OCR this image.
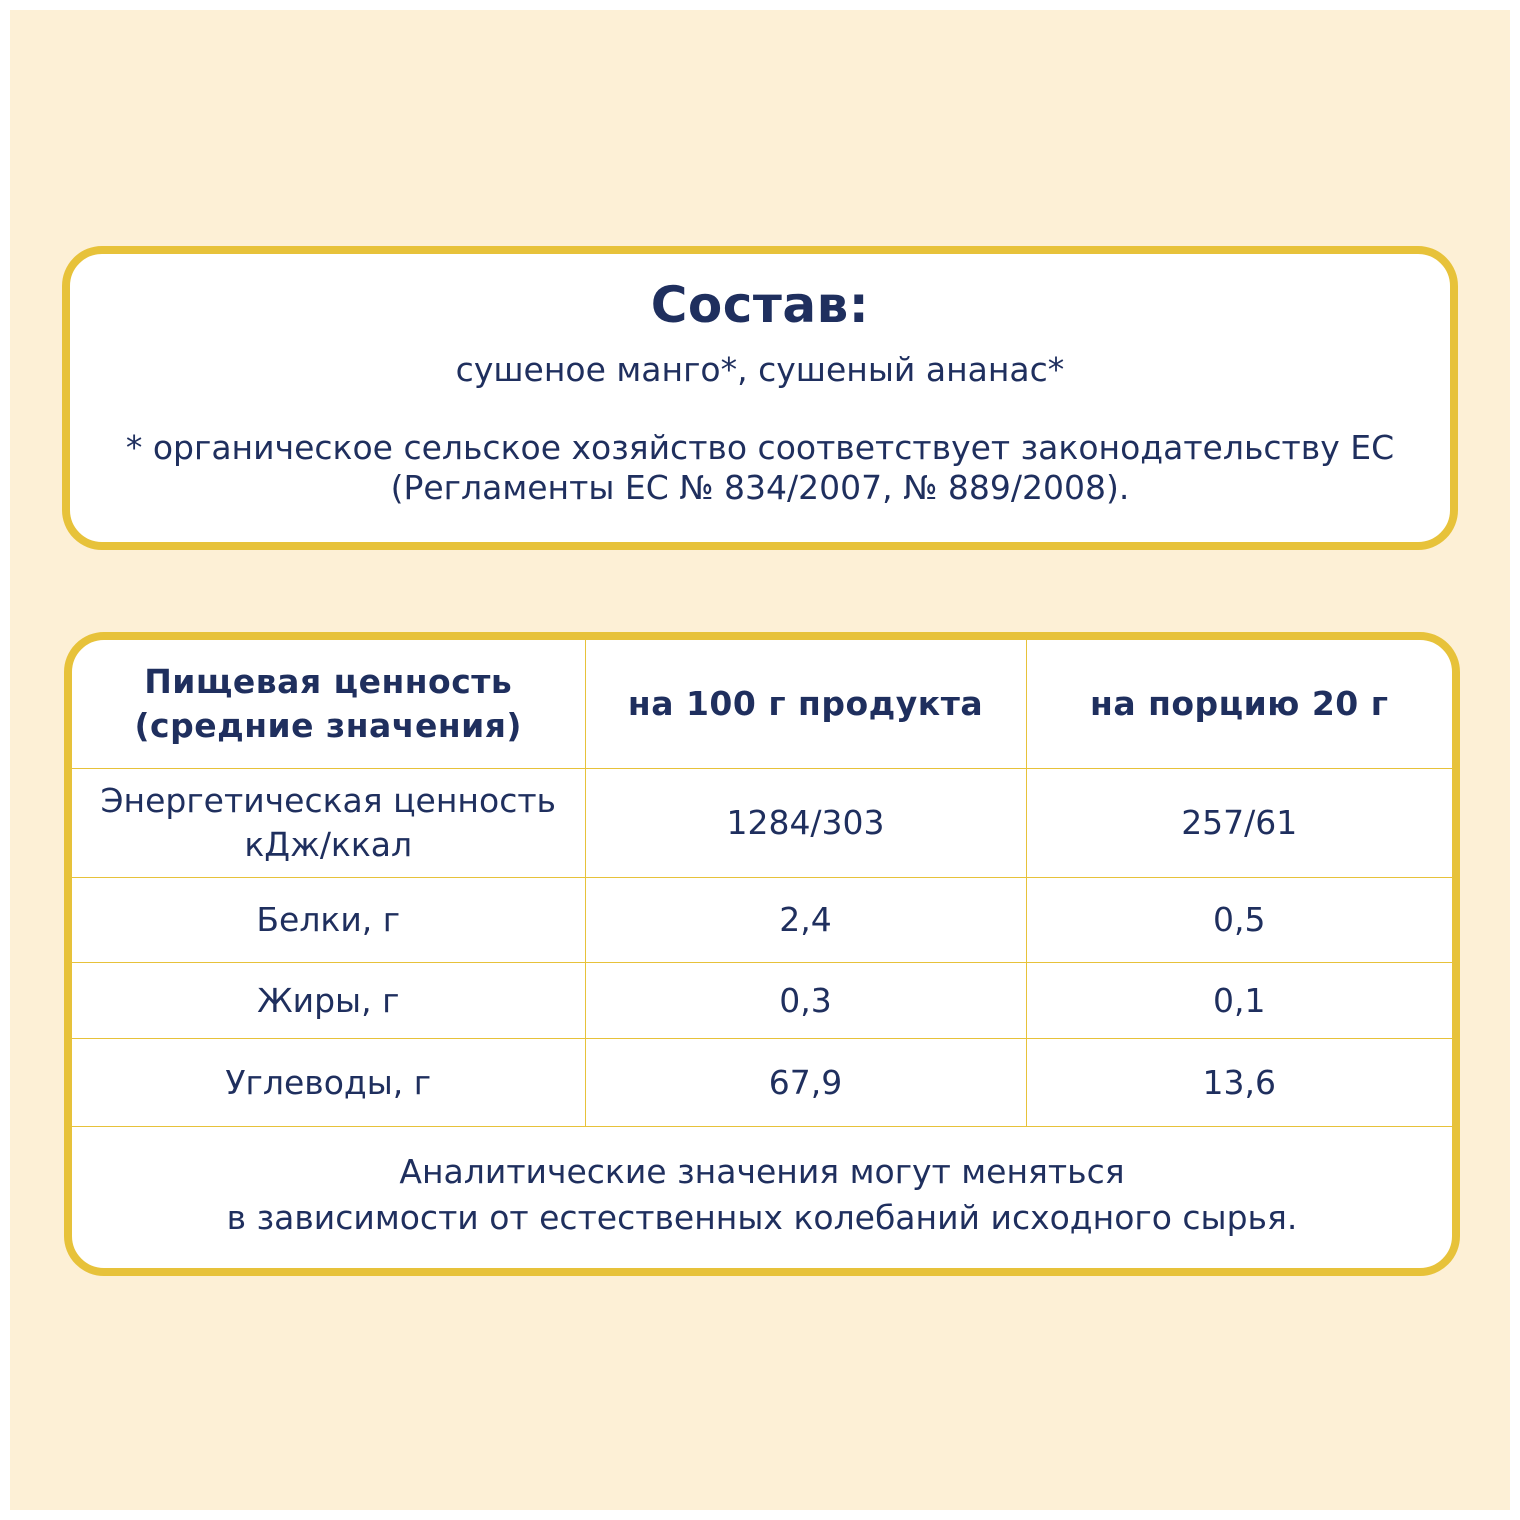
Состав:
сушеное манго*, сушеный ананас*
* органическое сельское хозяйство соответствует законодательству ЕС
(Регламенты ЕС № 834/2007, № 889/2008).
Пищевая ценность
(средние значения)	на 100 г продукта	на порцию 20 г

Энергетическая ценность
кДж/ккал	1284/303	257/61
Белки, г	2,4	0,5
Жиры, г	0,3	0,1
Углеводы, г	67,9	13,6
Аналитические значения могут меняться
в зависимости от естественных колебаний исходного сырья.
